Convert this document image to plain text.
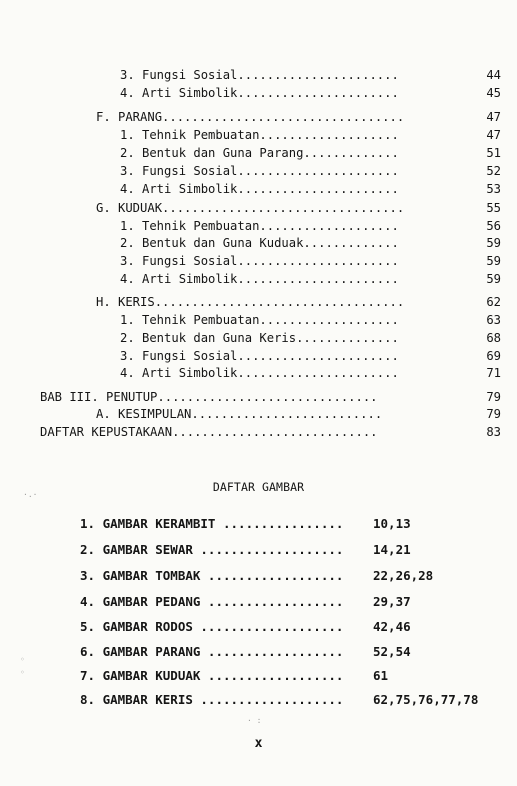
3. Fungsi Sosial......................	44
4. Arti Simbolik......................	45
F. PARANG.................................	47
1. Tehnik Pembuatan...................	47
2. Bentuk dan Guna Parang.............	51
3. Fungsi Sosial......................	52
4. Arti Simbolik......................	53
G. KUDUAK.................................	55
1. Tehnik Pembuatan...................	56
2. Bentuk dan Guna Kuduak.............	59
3. Fungsi Sosial......................	59
4. Arti Simbolik......................	59
H. KERIS..................................	62
1. Tehnik Pembuatan...................	63
2. Bentuk dan Guna Keris..............	68
3. Fungsi Sosial......................	69
4. Arti Simbolik......................	71
BAB III. PENUTUP..............................	79
A. KESIMPULAN..........................	79
DAFTAR KEPUSTAKAAN............................	83
DAFTAR GAMBAR
1. GAMBAR KERAMBIT ................ 10,13
2. GAMBAR SEWAR ................... 14,21
3. GAMBAR TOMBAK .................. 22,26,28
4. GAMBAR PEDANG .................. 29,37
5. GAMBAR RODOS ................... 42,46
6. GAMBAR PARANG .................. 52,54
7. GAMBAR KUDUAK .................. 61
8. GAMBAR KERIS ................... 62,75,76,77,78
x
·.·
◦
◦
· :
